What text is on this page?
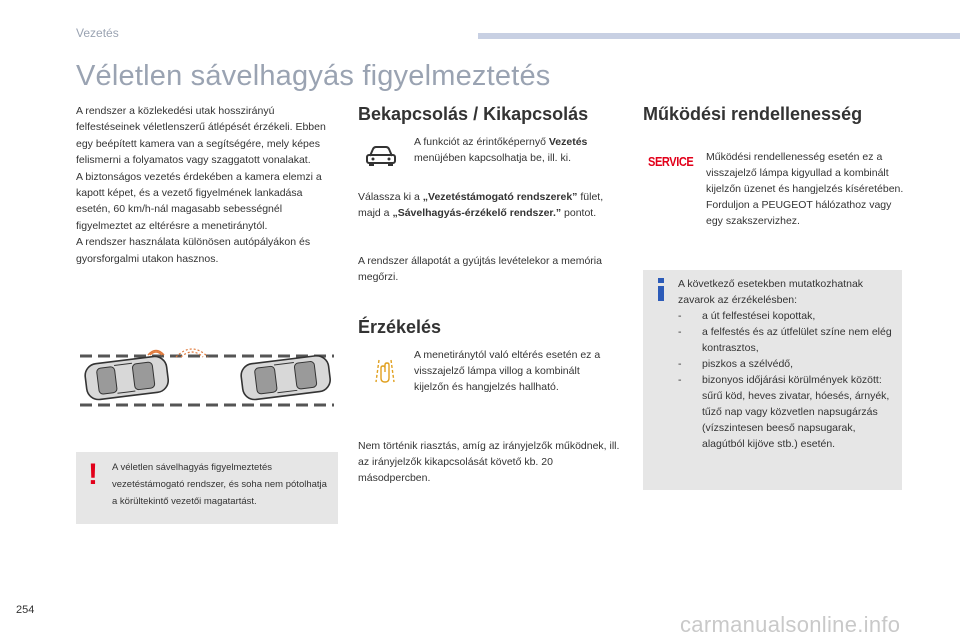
Vezetés
Véletlen sávelhagyás figyelmeztetés

A rendszer a közlekedési utak hosszirányú felfestéseinek véletlenszerű átlépését érzékeli. Ebben egy beépített kamera van a segítségére, mely képes felismerni a folyamatos vagy szaggatott vonalakat.

A biztonságos vezetés érdekében a kamera elemzi a kapott képet, és a vezető figyelmének lankadása esetén, 60 km/h-nál magasabb sebességnél figyelmeztet az eltérésre a menetiránytól.

A rendszer használata különösen autópályákon és gyorsforgalmi utakon hasznos.

! A véletlen sávelhagyás figyelmeztetés vezetéstámogató rendszer, és soha nem pótolhatja a körültekintő vezetői magatartást.

Bekapcsolás / Kikapcsolás

A funkciót az érintőképernyő Vezetés menüjében kapcsolhatja be, ill. ki.

Válassza ki a „Vezetéstámogató rendszerek” fület, majd a „Sávelhagyás-érzékelő rendszer.” pontot.

A rendszer állapotát a gyújtás levételekor a memória megőrzi.

Érzékelés

A menetiránytól való eltérés esetén ez a visszajelző lámpa villog a kombinált kijelzőn és hangjelzés hallható.

Nem történik riasztás, amíg az irányjelzők működnek, ill. az irányjelzők kikapcsolását követő kb. 20 másodpercben.

Működési rendellenesség
SERVICE Működési rendellenesség esetén ez a visszajelző lámpa kigyullad a kombinált kijelzőn üzenet és hangjelzés kíséretében. Forduljon a PEUGEOT hálózathoz vagy egy szakszervizhez.

A következő esetekben mutatkozhatnak zavarok az érzékelésben:

- a út felfestései kopottak,
- a felfestés és az útfelület színe nem elég kontrasztos,
- piszkos a szélvédő,
- bizonyos időjárási körülmények között: sűrű köd, heves zivatar, hóesés, árnyék, tűző nap vagy közvetlen napsugárzás (vízszintesen beeső napsugarak, alagútból kijöve stb.) esetén.
254
carmanualsonline.info
